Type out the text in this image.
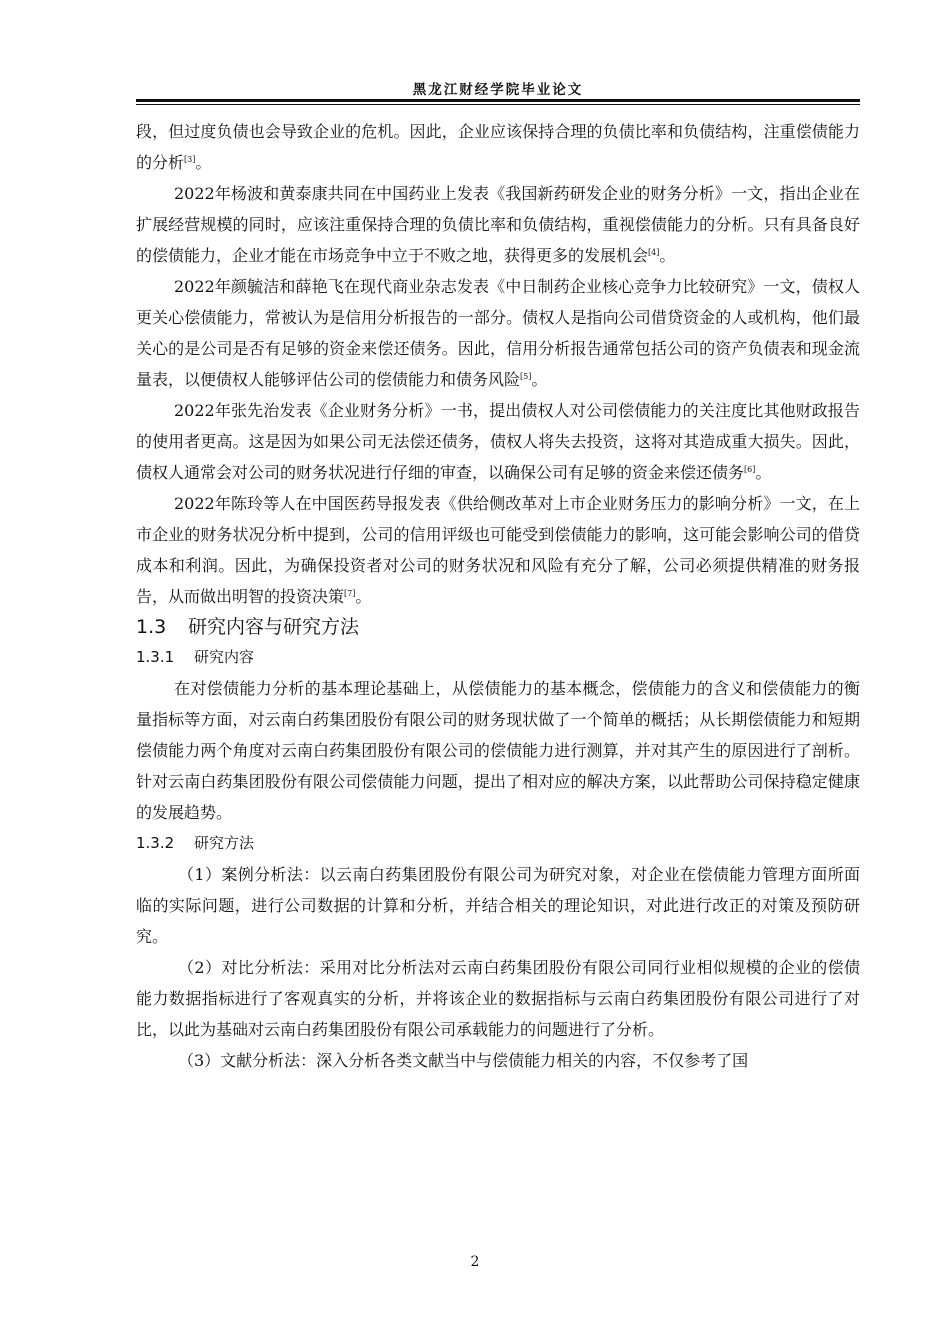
黑龙江财经学院毕业论文

段，但过度负债也会导致企业的危机。因此，企业应该保持合理的负债比率和负债结构，注重偿债能力的分析[3]。

2022年杨波和黄泰康共同在中国药业上发表《我国新药研发企业的财务分析》一文，指出企业在扩展经营规模的同时，应该注重保持合理的负债比率和负债结构，重视偿债能力的分析。只有具备良好的偿债能力，企业才能在市场竞争中立于不败之地，获得更多的发展机会[4]。

2022年颜毓洁和薛艳飞在现代商业杂志发表《中日制药企业核心竞争力比较研究》一文，债权人更关心偿债能力，常被认为是信用分析报告的一部分。债权人是指向公司借贷资金的人或机构，他们最关心的是公司是否有足够的资金来偿还债务。因此，信用分析报告通常包括公司的资产负债表和现金流量表，以便债权人能够评估公司的偿债能力和债务风险[5]。

2022年张先治发表《企业财务分析》一书，提出债权人对公司偿债能力的关注度比其他财政报告的使用者更高。这是因为如果公司无法偿还债务，债权人将失去投资，这将对其造成重大损失。因此，债权人通常会对公司的财务状况进行仔细的审查，以确保公司有足够的资金来偿还债务[6]。

2022年陈玲等人在中国医药导报发表《供给侧改革对上市企业财务压力的影响分析》一文，在上市企业的财务状况分析中提到，公司的信用评级也可能受到偿债能力的影响，这可能会影响公司的借贷成本和利润。因此，为确保投资者对公司的财务状况和风险有充分了解，公司必须提供精准的财务报告，从而做出明智的投资决策[7]。

1.3 研究内容与研究方法
1.3.1 研究内容

在对偿债能力分析的基本理论基础上，从偿债能力的基本概念，偿债能力的含义和偿债能力的衡量指标等方面，对云南白药集团股份有限公司的财务现状做了一个简单的概括；从长期偿债能力和短期偿债能力两个角度对云南白药集团股份有限公司的偿债能力进行测算，并对其产生的原因进行了剖析。针对云南白药集团股份有限公司偿债能力问题，提出了相对应的解决方案，以此帮助公司保持稳定健康的发展趋势。

1.3.2 研究方法

（1）案例分析法：以云南白药集团股份有限公司为研究对象，对企业在偿债能力管理方面所面临的实际问题，进行公司数据的计算和分析，并结合相关的理论知识，对此进行改正的对策及预防研究。

（2）对比分析法：采用对比分析法对云南白药集团股份有限公司同行业相似规模的企业的偿债能力数据指标进行了客观真实的分析，并将该企业的数据指标与云南白药集团股份有限公司进行了对比，以此为基础对云南白药集团股份有限公司承载能力的问题进行了分析。

（3）文献分析法：深入分析各类文献当中与偿债能力相关的内容，不仅参考了国

2
